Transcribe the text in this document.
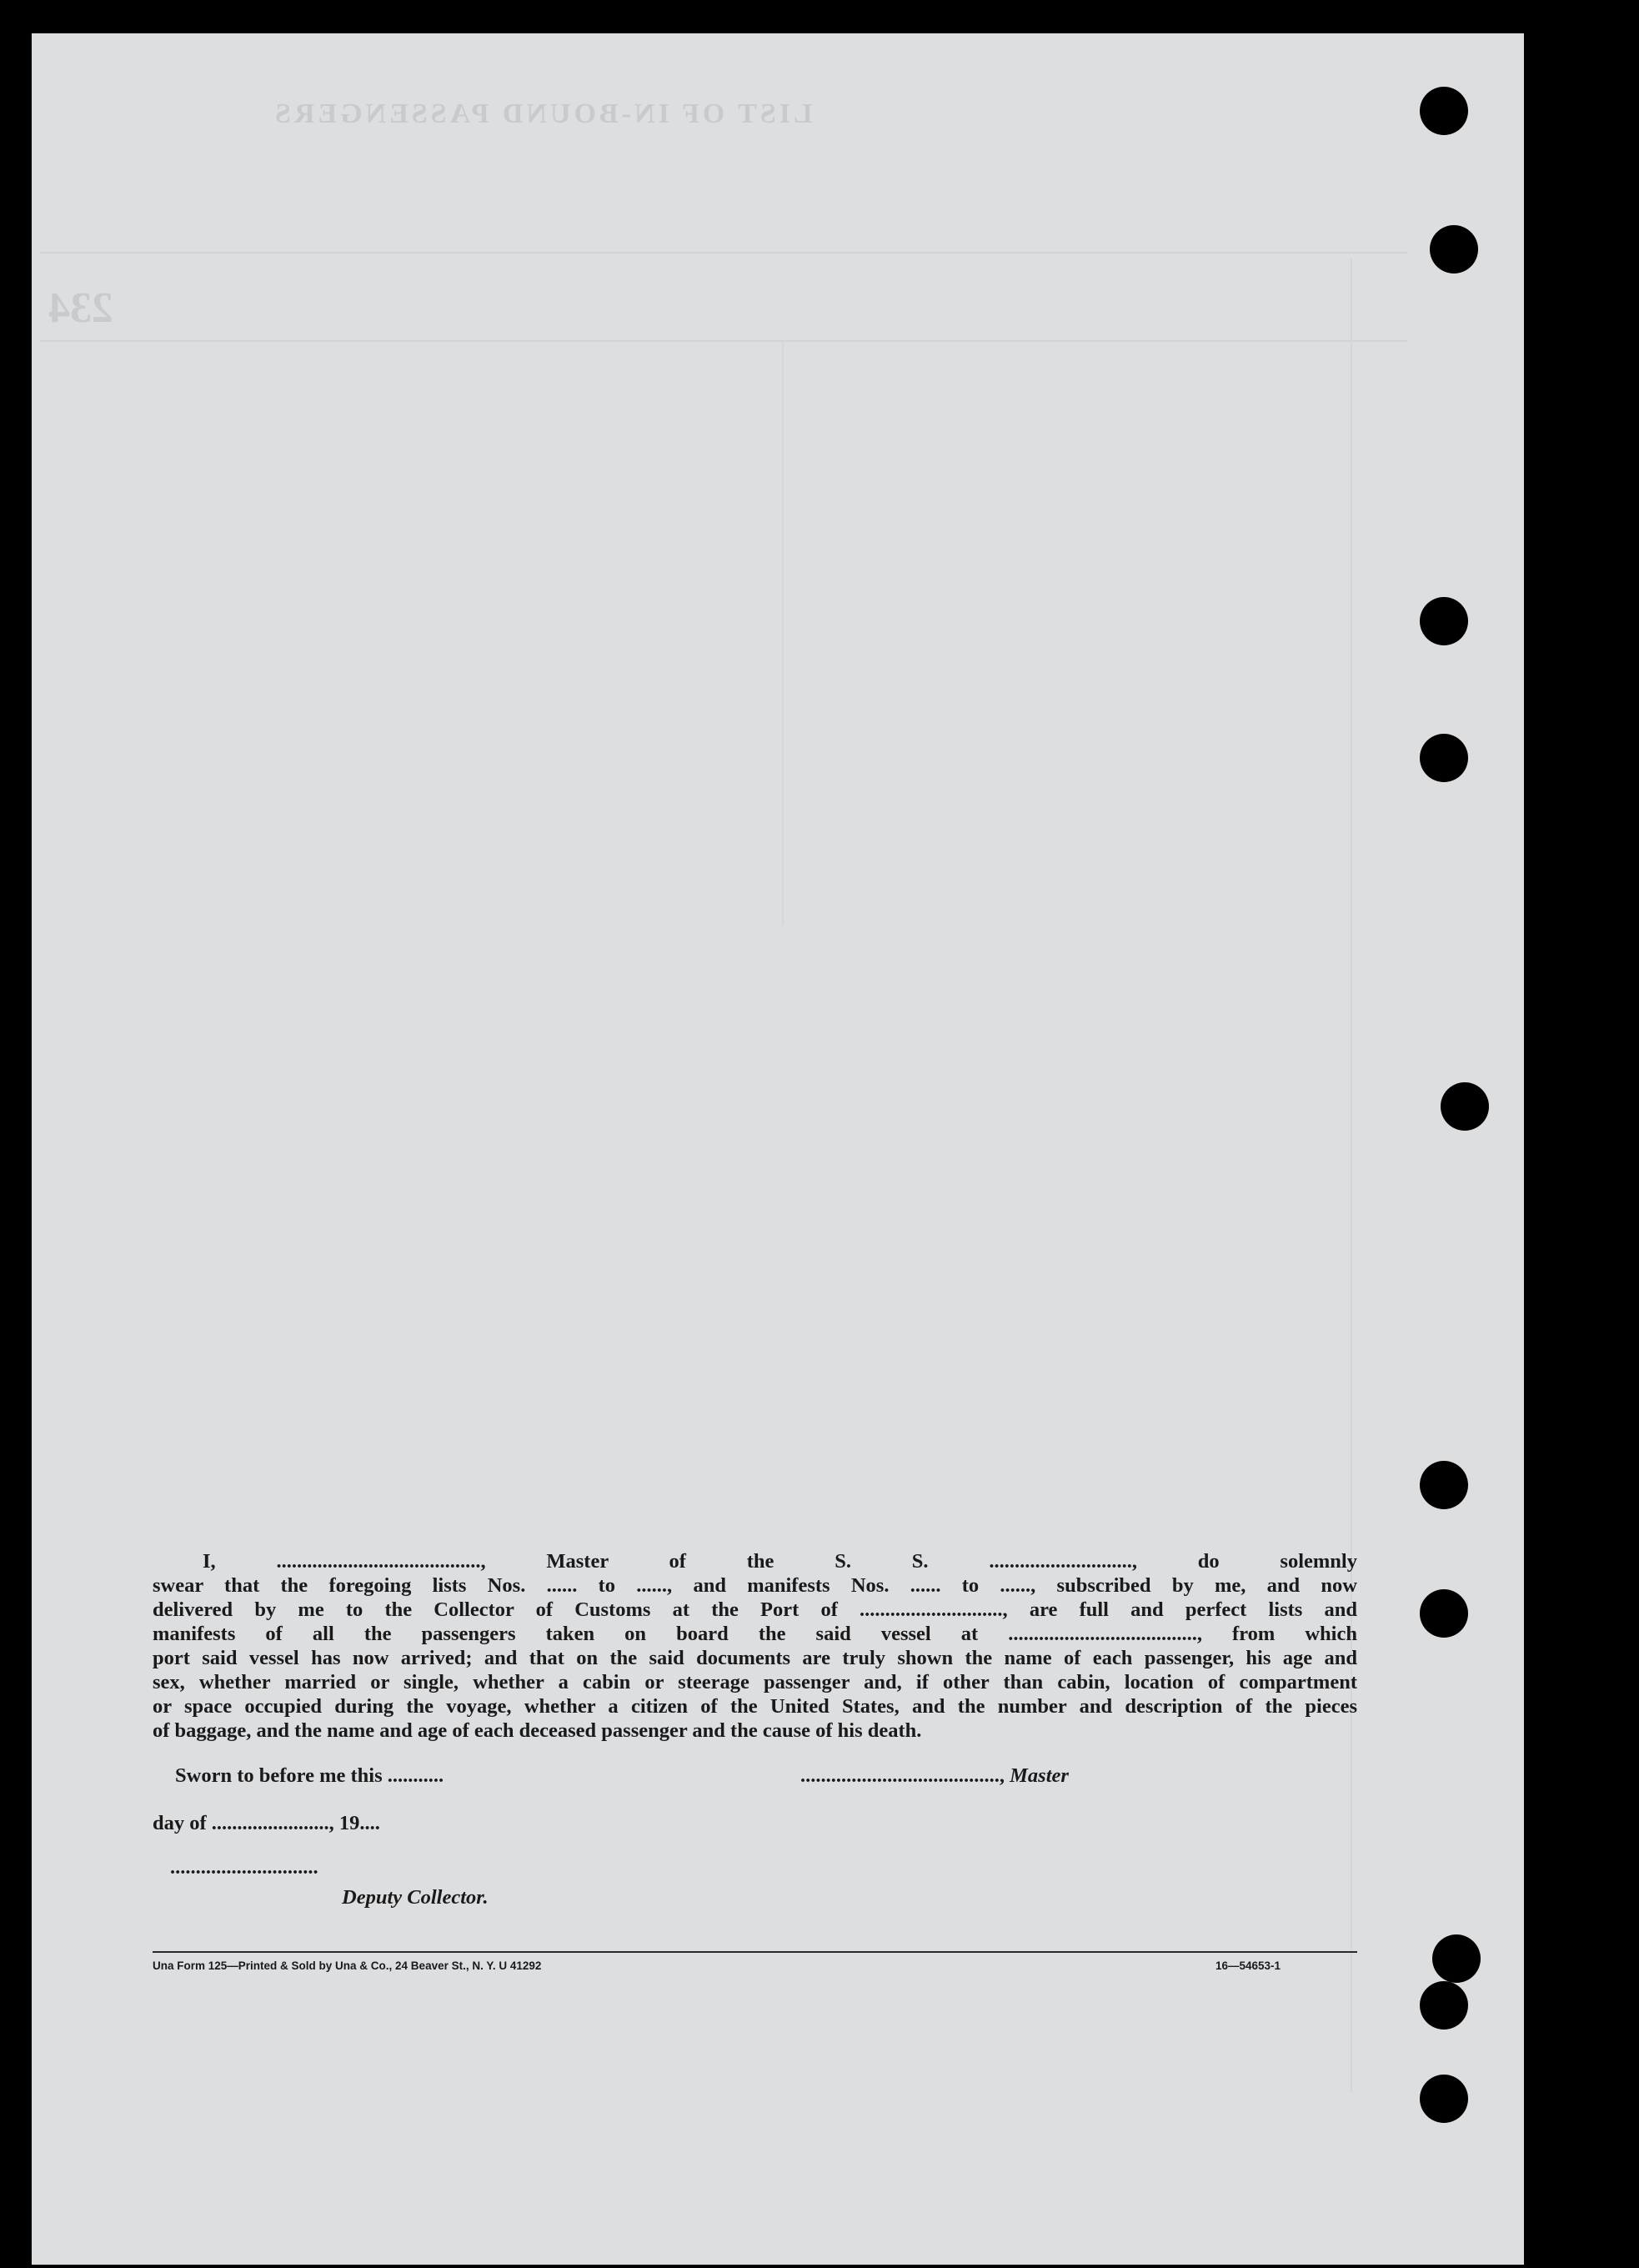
LIST OF IN-BOUND PASSENGERS
234
I, ........................................, Master of the S. S. ............................, do solemnly
swear that the foregoing lists Nos. ...... to ......, and manifests Nos. ...... to ......, subscribed by me, and now
delivered by me to the Collector of Customs at the Port of ............................, are full and perfect lists and
manifests of all the passengers taken on board the said vessel at ....................................., from which
port said vessel has now arrived; and that on the said documents are truly shown the name of each passenger, his age and
sex, whether married or single, whether a cabin or steerage passenger and, if other than cabin, location of compartment
or space occupied during the voyage, whether a citizen of the United States, and the number and description of the pieces
of baggage, and the name and age of each deceased passenger and the cause of his death.
Sworn to before me this ...........	......................................., Master
day of ......................., 19....
.............................
Deputy Collector.
Una Form 125—Printed & Sold by Una & Co., 24 Beaver St., N. Y. U 41292	16—54653-1
